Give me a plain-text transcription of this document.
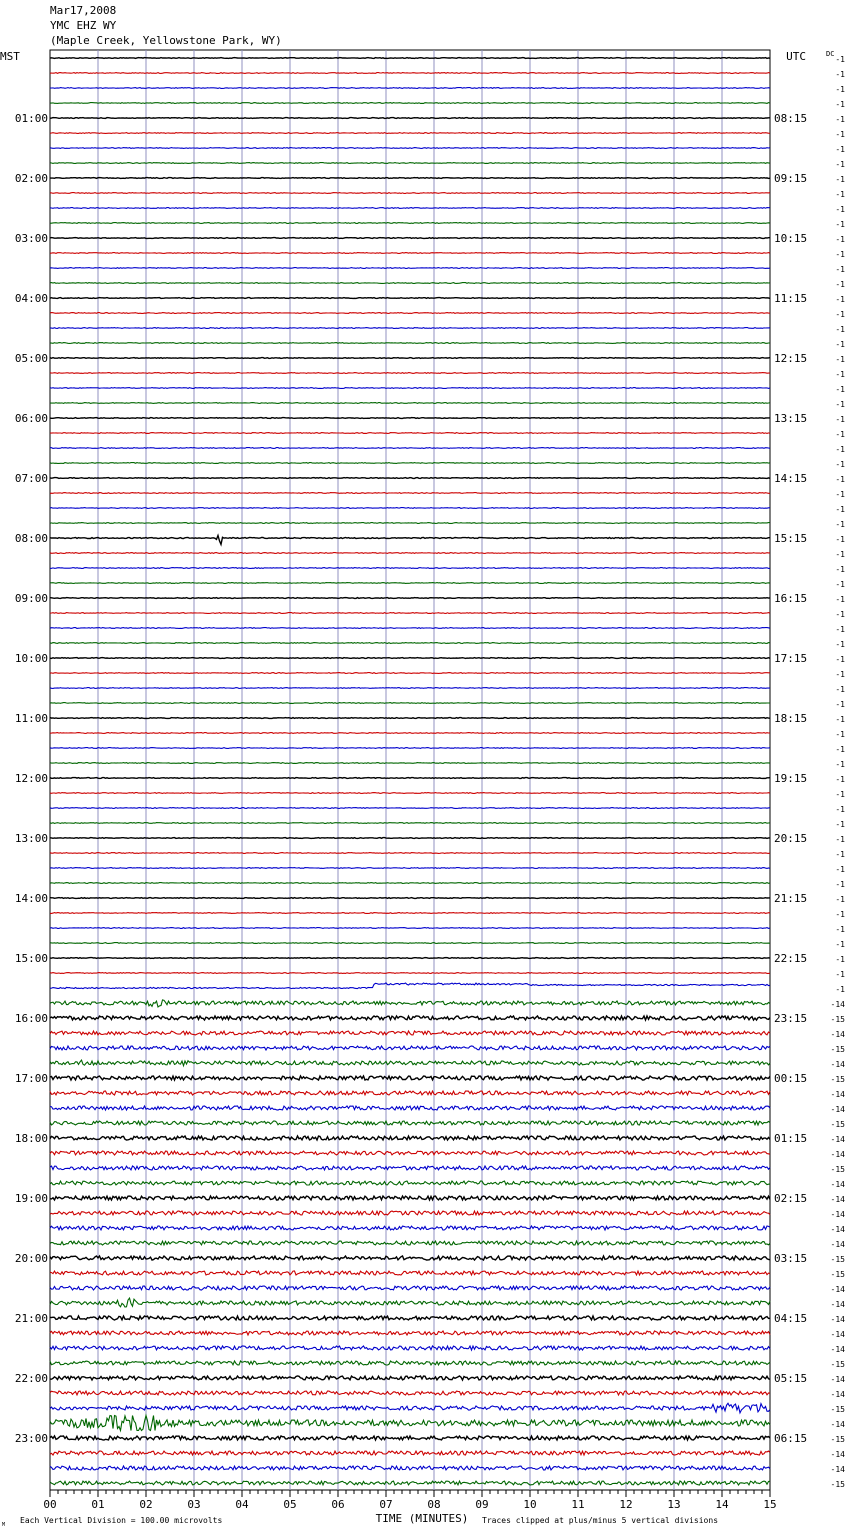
Mar17,2008
YMC EHZ WY
(Maple Creek, Yellowstone Park, WY)
-1
-1
-1
-1
-1
-1
-1
-1
-1
-1
-1
-1
-1
-1
-1
-1
-1
-1
-1
-1
-1
-1
-1
-1
-1
-1
-1
-1
-1
-1
-1
-1
-1
-1
-1
-1
-1
-1
-1
-1
-1
-1
-1
-1
-1
-1
-1
-1
-1
-1
-1
-1
-1
-1
-1
-1
-1
-1
-1
-1
-1
-1
-1
-14
-15
-14
-15
-14
-15
-14
-14
-15
-14
-14
-15
-14
-14
-14
-14
-14
-15
-15
-14
-14
-14
-14
-14
-15
-14
-14
-15
-14
-15
-14
-14
-15
MST	UTC	DC
01:00
02:00
03:00
04:00
05:00
06:00
07:00
08:00
09:00
10:00
11:00
12:00
13:00
14:00
15:00
16:00
17:00
18:00
19:00
20:00
21:00
22:00
23:00
08:15
09:15
10:15
11:15
12:15
13:15
14:15
15:15
16:15
17:15
18:15
19:15
20:15
21:15
22:15
23:15
00:15
01:15
02:15
03:15
04:15
05:15
06:15
00	01	02	03	04	05	06	07	08	09	10	11	12	13	14	15
TIME (MINUTES)
Each Vertical Division = 100.00 microvolts	Traces clipped at plus/minus 5 vertical divisions
M
